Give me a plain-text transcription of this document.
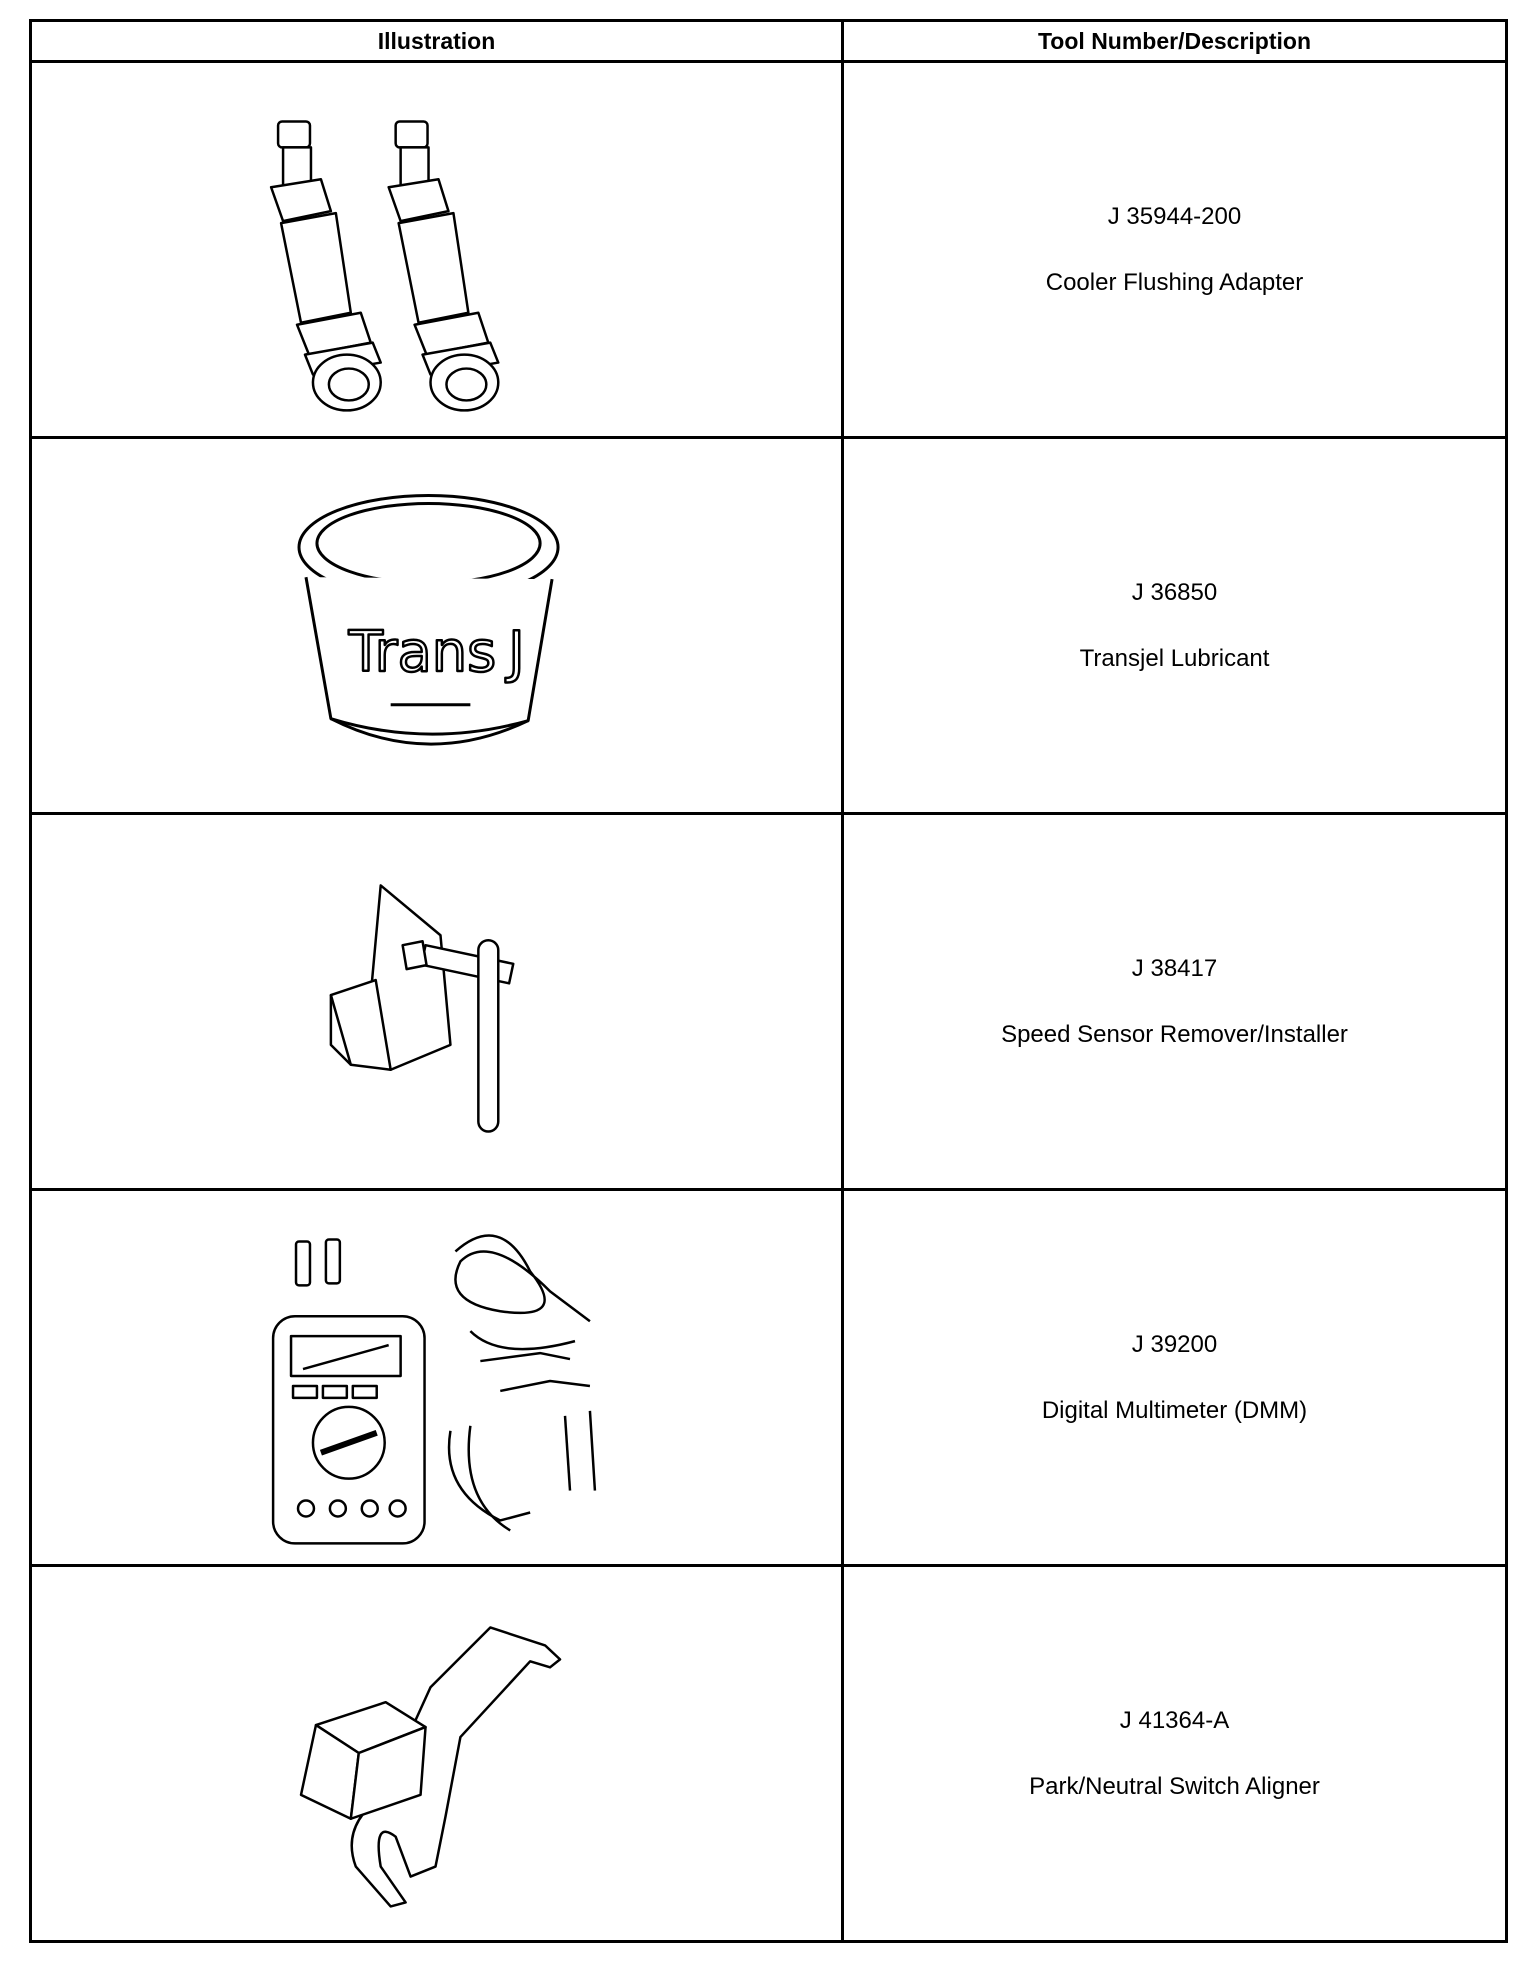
Illustration	Tool Number/Description

J 35944-200
Cooler Flushing Adapter

Trans J	J 36850
Transjel Lubricant

J 38417
Speed Sensor Remover/Installer

J 39200
Digital Multimeter (DMM)

J 41364-A
Park/Neutral Switch Aligner
